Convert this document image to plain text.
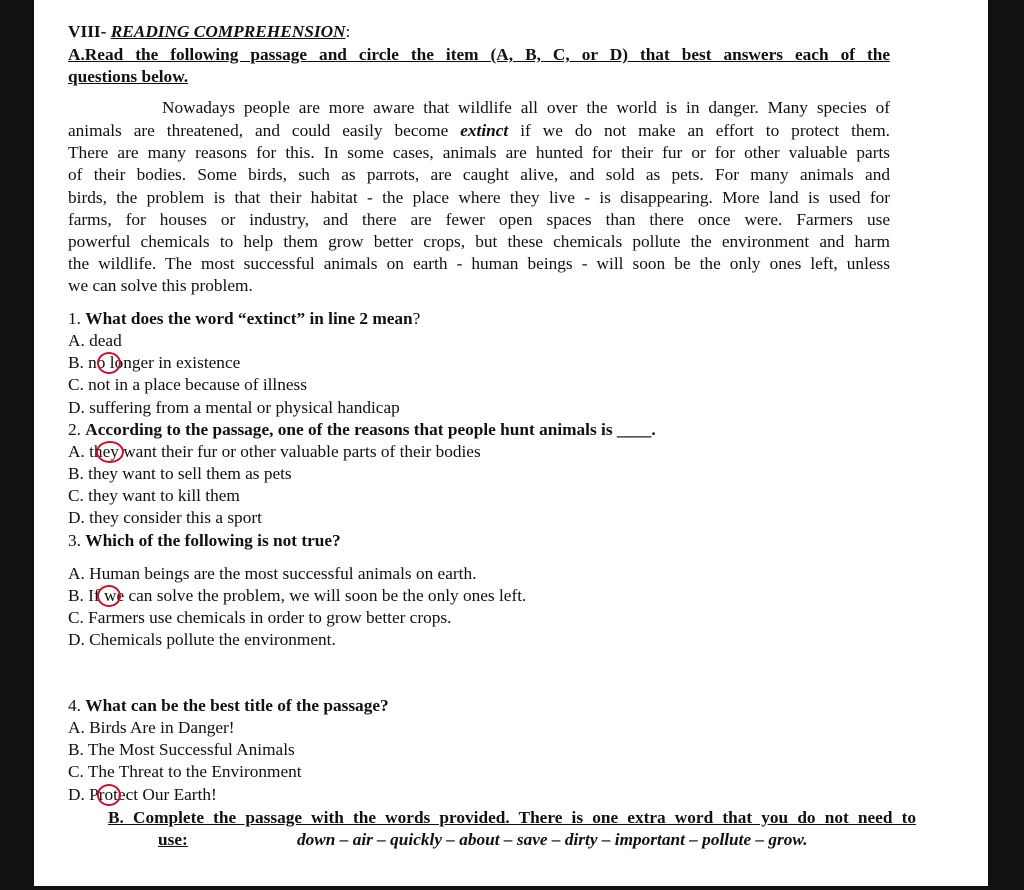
VIII- READING COMPREHENSION:
A.Read the following passage and circle the item (A, B, C, or D) that best answers each of the
questions below.
Nowadays people are more aware that wildlife all over the world is in danger. Many species of
animals are threatened, and could easily become extinct if we do not make an effort to protect them.
There are many reasons for this. In some cases, animals are hunted for their fur or for other valuable parts
of their bodies. Some birds, such as parrots, are caught alive, and sold as pets. For many animals and
birds, the problem is that their habitat - the place where they live - is disappearing. More land is used for
farms, for houses or industry, and there are fewer open spaces than there once were. Farmers use
powerful chemicals to help them grow better crops, but these chemicals pollute the environment and harm
the wildlife. The most successful animals on earth - human beings - will soon be the only ones left, unless
we can solve this problem.
1. What does the word “extinct” in line 2 mean?
A. dead
B. no longer in existence
C. not in a place because of illness
D. suffering from a mental or physical handicap
2. According to the passage, one of the reasons that people hunt animals is ____.
A. they want their fur or other valuable parts of their bodies
B. they want to sell them as pets
C. they want to kill them
D. they consider this a sport
3. Which of the following is not true?
A. Human beings are the most successful animals on earth.
B. If we can solve the problem, we will soon be the only ones left.
C. Farmers use chemicals in order to grow better crops.
D. Chemicals pollute the environment.
4. What can be the best title of the passage?
A. Birds Are in Danger!
B. The Most Successful Animals
C. The Threat to the Environment
D. Protect Our Earth!
B. Complete the passage with the words provided. There is one extra word that you do not need to
use:	down – air – quickly – about – save – dirty – important – pollute – grow.
